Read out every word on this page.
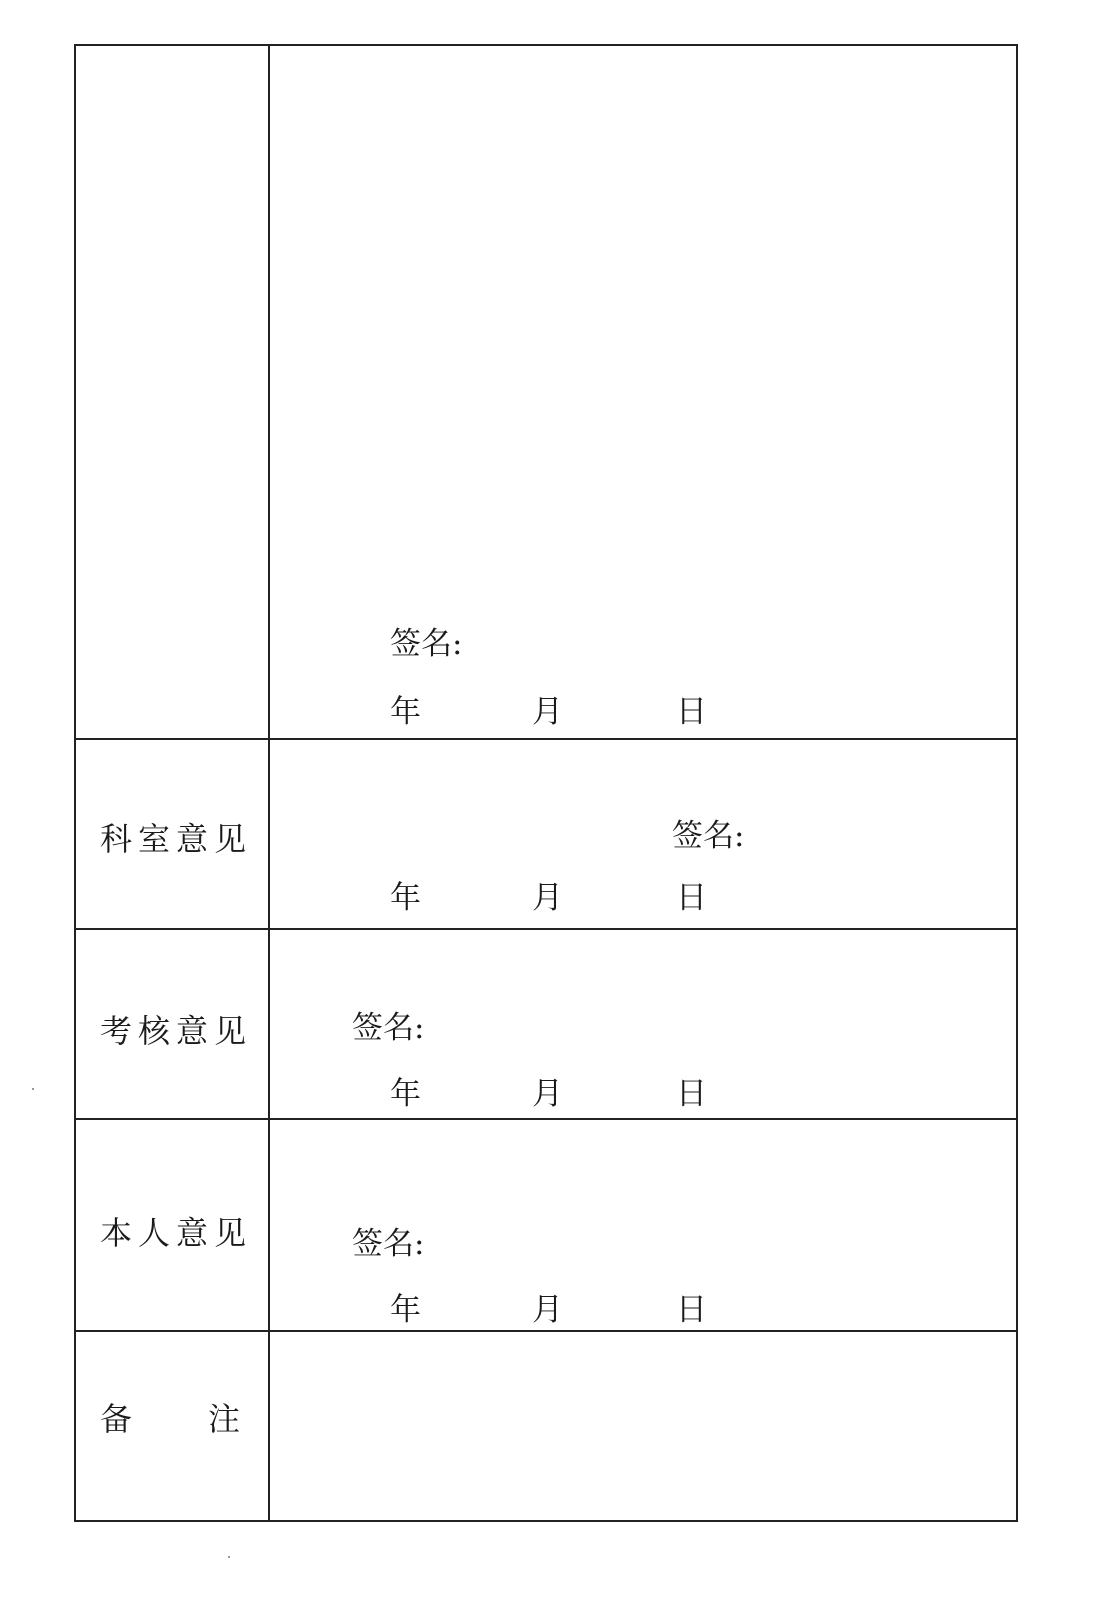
签名:
年	月	日
科室意见	签名:
年	月	日
考核意见	签名:
年	月	日
本人意见	签名:
年	月	日
备 注
